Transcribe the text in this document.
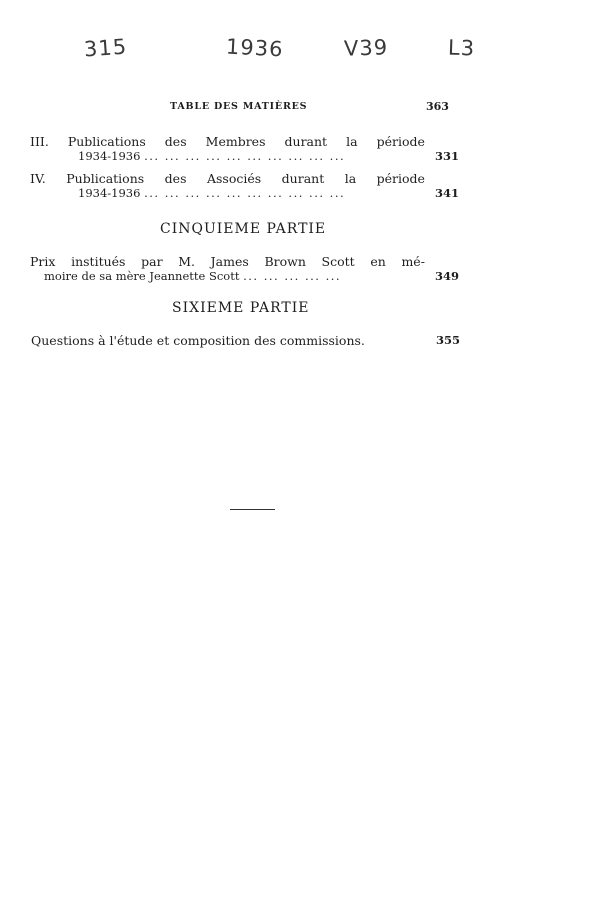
315	1936	V39	L3
TABLE DES MATIÈRES	363
III. Publications des Membres durant la période
1934-1936 ... ... ... ... ... ... ... ... ... ...	331
IV. Publications des Associés durant la période
1934-1936 ... ... ... ... ... ... ... ... ... ...	341
CINQUIEME PARTIE
Prix institués par M. James Brown Scott en mé-
moire de sa mère Jeannette Scott ... ... ... ... ...	349
SIXIEME PARTIE
Questions à l'étude et composition des commissions.	355
